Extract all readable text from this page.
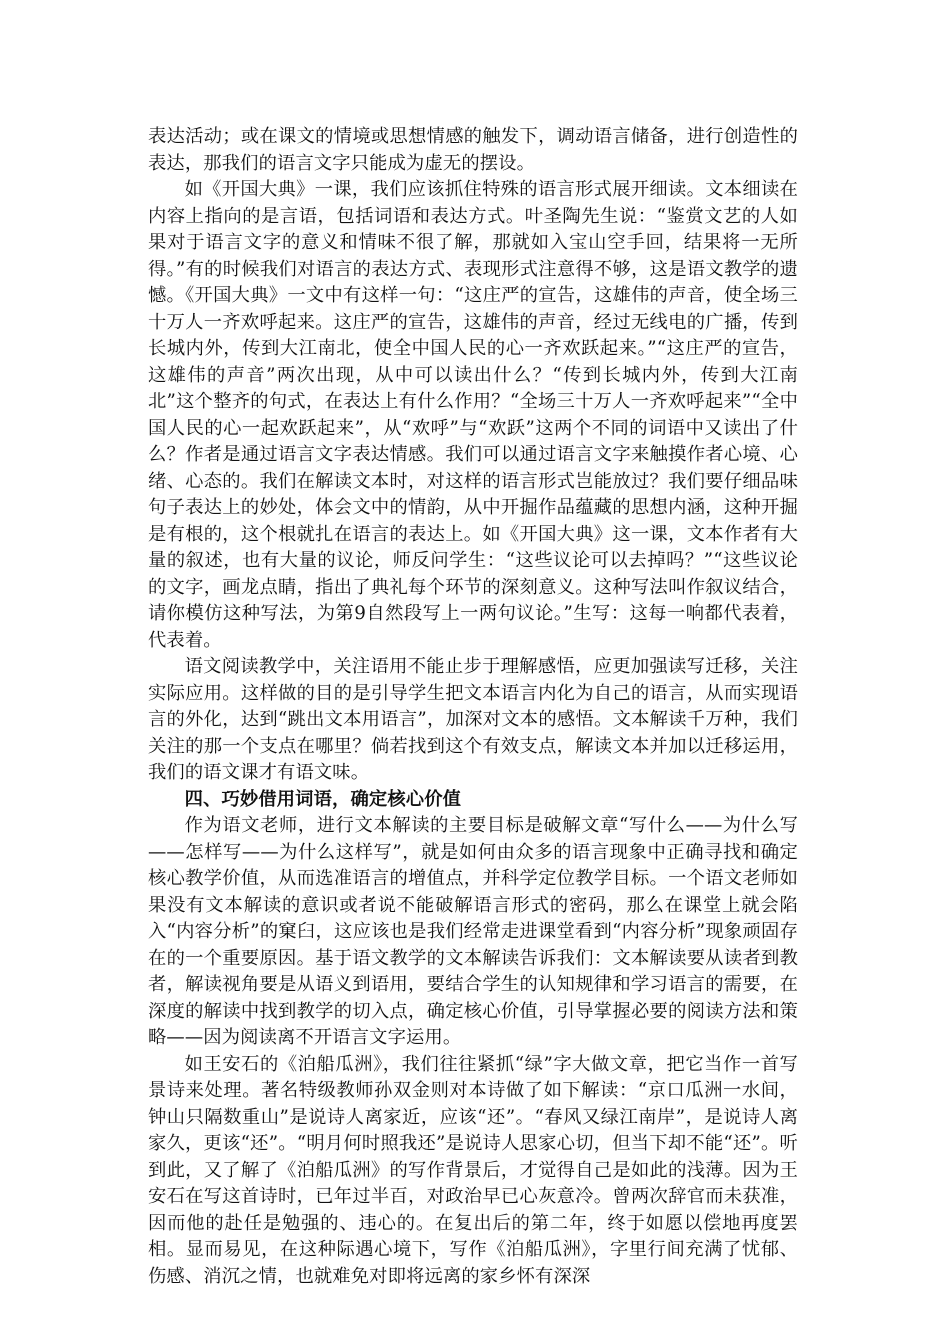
表达活动；或在课文的情境或思想情感的触发下，调动语言储备，进行创造性的表达，那我们的语言文字只能成为虚无的摆设。

如《开国大典》一课，我们应该抓住特殊的语言形式展开细读。文本细读在内容上指向的是言语，包括词语和表达方式。叶圣陶先生说：“鉴赏文艺的人如果对于语言文字的意义和情味不很了解，那就如入宝山空手回，结果将一无所得。”有的时候我们对语言的表达方式、表现形式注意得不够，这是语文教学的遗憾。《开国大典》一文中有这样一句：“这庄严的宣告，这雄伟的声音，使全场三十万人一齐欢呼起来。这庄严的宣告，这雄伟的声音，经过无线电的广播，传到长城内外，传到大江南北，使全中国人民的心一齐欢跃起来。”“这庄严的宣告，这雄伟的声音”两次出现，从中可以读出什么？“传到长城内外，传到大江南北”这个整齐的句式，在表达上有什么作用？“全场三十万人一齐欢呼起来”“全中国人民的心一起欢跃起来”，从“欢呼”与“欢跃”这两个不同的词语中又读出了什么？作者是通过语言文字表达情感。我们可以通过语言文字来触摸作者心境、心绪、心态的。我们在解读文本时，对这样的语言形式岂能放过？我们要仔细品味句子表达上的妙处，体会文中的情韵，从中开掘作品蕴藏的思想内涵，这种开掘是有根的，这个根就扎在语言的表达上。如《开国大典》这一课，文本作者有大量的叙述，也有大量的议论，师反问学生：“这些议论可以去掉吗？”“这些议论的文字，画龙点睛，指出了典礼每个环节的深刻意义。这种写法叫作叙议结合，请你模仿这种写法，为第9自然段写上一两句议论。”生写：这每一响都代表着，代表着。

语文阅读教学中，关注语用不能止步于理解感悟，应更加强读写迁移，关注实际应用。这样做的目的是引导学生把文本语言内化为自己的语言，从而实现语言的外化，达到“跳出文本用语言”，加深对文本的感悟。文本解读千万种，我们关注的那一个支点在哪里？倘若找到这个有效支点，解读文本并加以迁移运用，我们的语文课才有语文味。

四、巧妙借用词语，确定核心价值

作为语文老师，进行文本解读的主要目标是破解文章“写什么——为什么写——怎样写——为什么这样写”，就是如何由众多的语言现象中正确寻找和确定核心教学价值，从而选准语言的增值点，并科学定位教学目标。一个语文老师如果没有文本解读的意识或者说不能破解语言形式的密码，那么在课堂上就会陷入“内容分析”的窠臼，这应该也是我们经常走进课堂看到“内容分析”现象顽固存在的一个重要原因。基于语文教学的文本解读告诉我们：文本解读要从读者到教者，解读视角要是从语义到语用，要结合学生的认知规律和学习语言的需要，在深度的解读中找到教学的切入点，确定核心价值，引导掌握必要的阅读方法和策略——因为阅读离不开语言文字运用。

如王安石的《泊船瓜洲》，我们往往紧抓“绿”字大做文章，把它当作一首写景诗来处理。著名特级教师孙双金则对本诗做了如下解读：“京口瓜洲一水间，钟山只隔数重山”是说诗人离家近，应该“还”。“春风又绿江南岸”，是说诗人离家久，更该“还”。“明月何时照我还”是说诗人思家心切，但当下却不能“还”。听到此，又了解了《泊船瓜洲》的写作背景后，才觉得自己是如此的浅薄。因为王安石在写这首诗时，已年过半百，对政治早已心灰意冷。曾两次辞官而未获准，因而他的赴任是勉强的、违心的。在复出后的第二年，终于如愿以偿地再度罢相。显而易见，在这种际遇心境下，写作《泊船瓜洲》，字里行间充满了忧郁、伤感、消沉之情，也就难免对即将远离的家乡怀有深深
